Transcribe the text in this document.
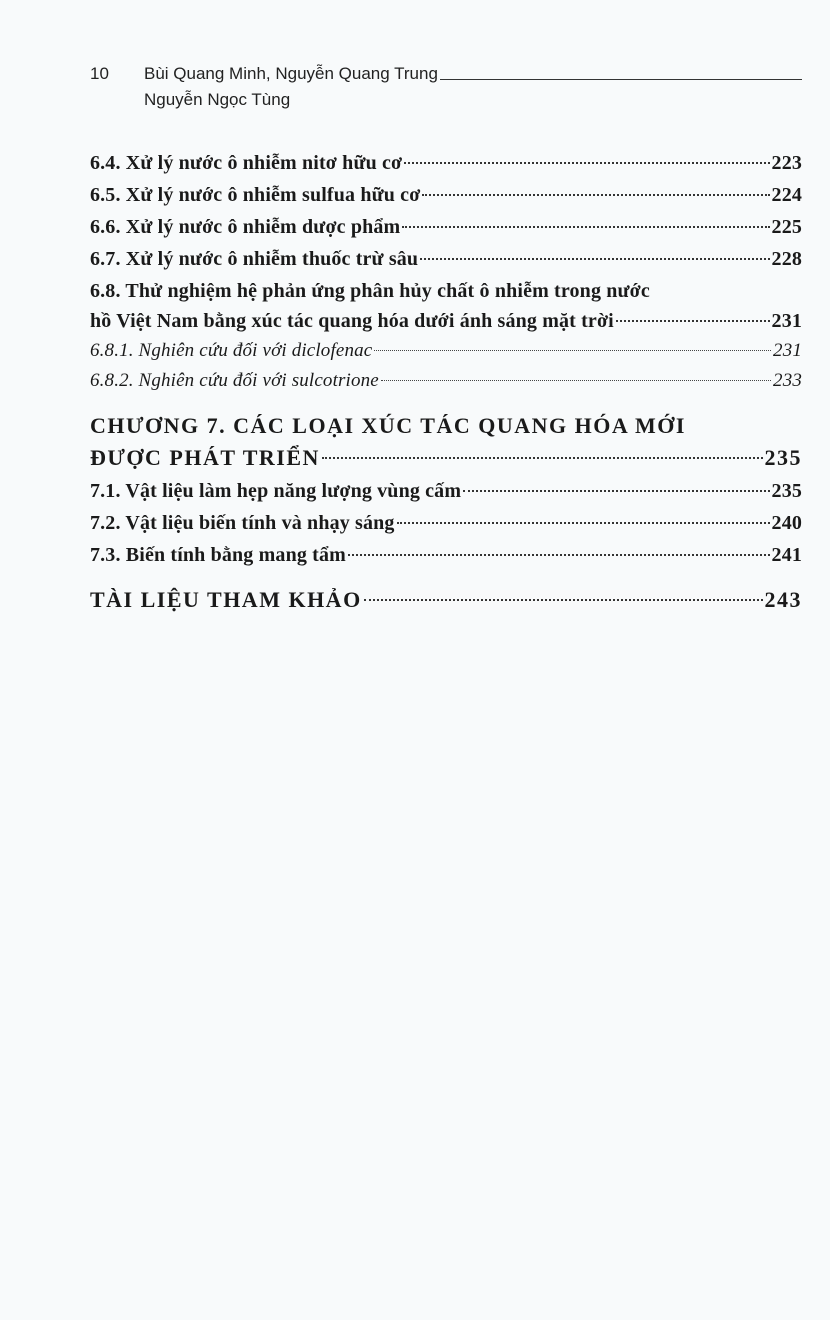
10	Bùi Quang Minh, Nguyễn Quang Trung
Nguyễn Ngọc Tùng
6.4. Xử lý nước ô nhiễm nitơ hữu cơ	223
6.5. Xử lý nước ô nhiễm sulfua hữu cơ	224
6.6. Xử lý nước ô nhiễm dược phẩm	225
6.7. Xử lý nước ô nhiễm thuốc trừ sâu	228
6.8. Thử nghiệm hệ phản ứng phân hủy chất ô nhiễm trong nước
hồ Việt Nam bằng xúc tác quang hóa dưới ánh sáng mặt trời	231
6.8.1. Nghiên cứu đối với diclofenac	231
6.8.2. Nghiên cứu đối với sulcotrione	233
CHƯƠNG 7. CÁC LOẠI XÚC TÁC QUANG HÓA MỚI
ĐƯỢC PHÁT TRIỂN	235
7.1. Vật liệu làm hẹp năng lượng vùng cấm	235
7.2. Vật liệu biến tính và nhạy sáng	240
7.3. Biến tính bằng mang tẩm	241
TÀI LIỆU THAM KHẢO	243
